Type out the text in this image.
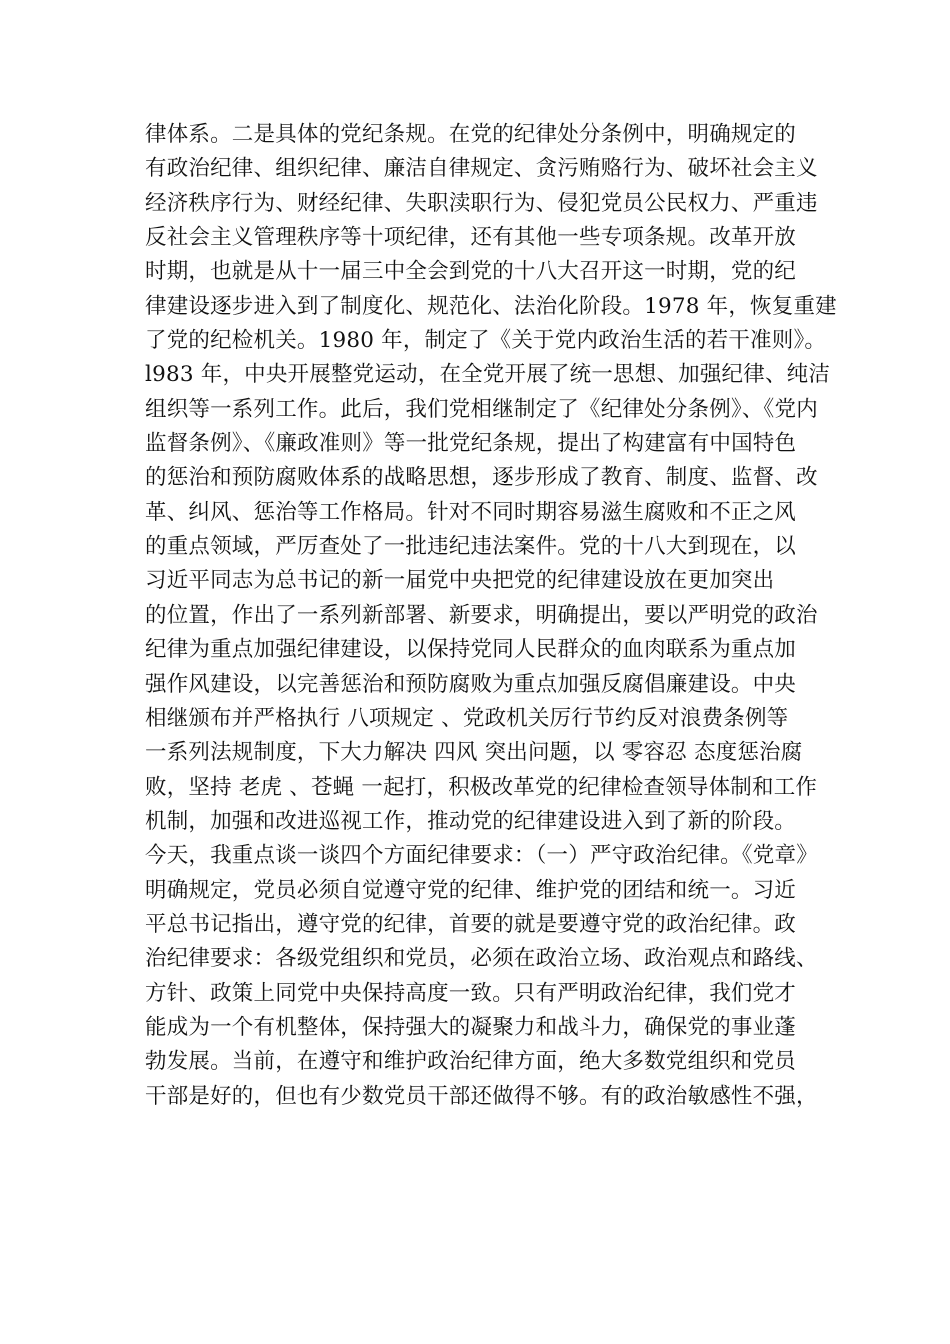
律体系。二是具体的党纪条规。在党的纪律处分条例中，明确规定的
有政治纪律、组织纪律、廉洁自律规定、贪污贿赂行为、破坏社会主义
经济秩序行为、财经纪律、失职渎职行为、侵犯党员公民权力、严重违
反社会主义管理秩序等十项纪律，还有其他一些专项条规。改革开放
时期，也就是从十一届三中全会到党的十八大召开这一时期，党的纪
律建设逐步进入到了制度化、规范化、法治化阶段。1978 年，恢复重建
了党的纪检机关。1980 年，制定了《关于党内政治生活的若干准则》。
l983 年，中央开展整党运动，在全党开展了统一思想、加强纪律、纯洁
组织等一系列工作。此后，我们党相继制定了《纪律处分条例》、《党内
监督条例》、《廉政准则》等一批党纪条规，提出了构建富有中国特色
的惩治和预防腐败体系的战略思想，逐步形成了教育、制度、监督、改
革、纠风、惩治等工作格局。针对不同时期容易滋生腐败和不正之风
的重点领域，严厉查处了一批违纪违法案件。党的十八大到现在，以
习近平同志为总书记的新一届党中央把党的纪律建设放在更加突出
的位置，作出了一系列新部署、新要求，明确提出，要以严明党的政治
纪律为重点加强纪律建设，以保持党同人民群众的血肉联系为重点加
强作风建设，以完善惩治和预防腐败为重点加强反腐倡廉建设。中央
相继颁布并严格执行 八项规定 、党政机关厉行节约反对浪费条例等
一系列法规制度，下大力解决 四风 突出问题，以 零容忍 态度惩治腐
败，坚持 老虎 、苍蝇 一起打，积极改革党的纪律检查领导体制和工作
机制，加强和改进巡视工作，推动党的纪律建设进入到了新的阶段。
今天，我重点谈一谈四个方面纪律要求：（一）严守政治纪律。《党章》
明确规定，党员必须自觉遵守党的纪律、维护党的团结和统一。习近
平总书记指出，遵守党的纪律，首要的就是要遵守党的政治纪律。政
治纪律要求：各级党组织和党员，必须在政治立场、政治观点和路线、
方针、政策上同党中央保持高度一致。只有严明政治纪律，我们党才
能成为一个有机整体，保持强大的凝聚力和战斗力，确保党的事业蓬
勃发展。当前，在遵守和维护政治纪律方面，绝大多数党组织和党员
干部是好的，但也有少数党员干部还做得不够。有的政治敏感性不强，
